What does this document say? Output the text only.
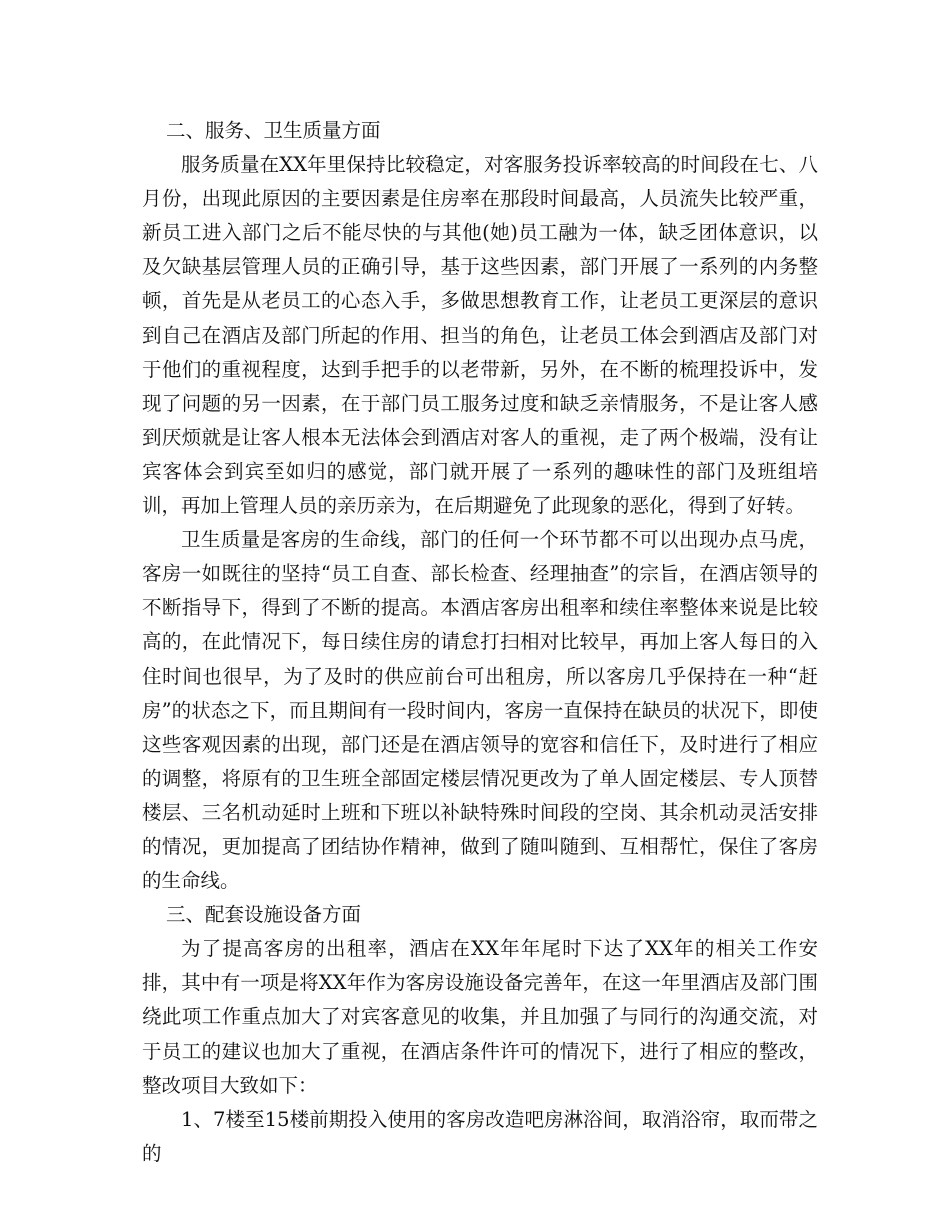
二、服务、卫生质量方面

服务质量在XX年里保持比较稳定，对客服务投诉率较高的时间段在七、八月份，出现此原因的主要因素是住房率在那段时间最高，人员流失比较严重，新员工进入部门之后不能尽快的与其他(她)员工融为一体，缺乏团体意识，以及欠缺基层管理人员的正确引导，基于这些因素，部门开展了一系列的内务整顿，首先是从老员工的心态入手，多做思想教育工作，让老员工更深层的意识到自己在酒店及部门所起的作用、担当的角色，让老员工体会到酒店及部门对于他们的重视程度，达到手把手的以老带新，另外，在不断的梳理投诉中，发现了问题的另一因素，在于部门员工服务过度和缺乏亲情服务，不是让客人感到厌烦就是让客人根本无法体会到酒店对客人的重视，走了两个极端，没有让宾客体会到宾至如归的感觉，部门就开展了一系列的趣味性的部门及班组培训，再加上管理人员的亲历亲为，在后期避免了此现象的恶化，得到了好转。

卫生质量是客房的生命线，部门的任何一个环节都不可以出现办点马虎，客房一如既往的坚持“员工自查、部长检查、经理抽查”的宗旨，在酒店领导的不断指导下，得到了不断的提高。本酒店客房出租率和续住率整体来说是比较高的，在此情况下，每日续住房的请怠打扫相对比较早，再加上客人每日的入住时间也很早，为了及时的供应前台可出租房，所以客房几乎保持在一种“赶房”的状态之下，而且期间有一段时间内，客房一直保持在缺员的状况下，即使这些客观因素的出现，部门还是在酒店领导的宽容和信任下，及时进行了相应的调整，将原有的卫生班全部固定楼层情况更改为了单人固定楼层、专人顶替楼层、三名机动延时上班和下班以补缺特殊时间段的空岗、其余机动灵活安排的情况，更加提高了团结协作精神，做到了随叫随到、互相帮忙，保住了客房的生命线。

三、配套设施设备方面

为了提高客房的出租率，酒店在XX年年尾时下达了XX年的相关工作安排，其中有一项是将XX年作为客房设施设备完善年，在这一年里酒店及部门围绕此项工作重点加大了对宾客意见的收集，并且加强了与同行的沟通交流，对于员工的建议也加大了重视，在酒店条件许可的情况下，进行了相应的整改，整改项目大致如下：

1、7楼至15楼前期投入使用的客房改造吧房淋浴间，取消浴帘，取而带之的
